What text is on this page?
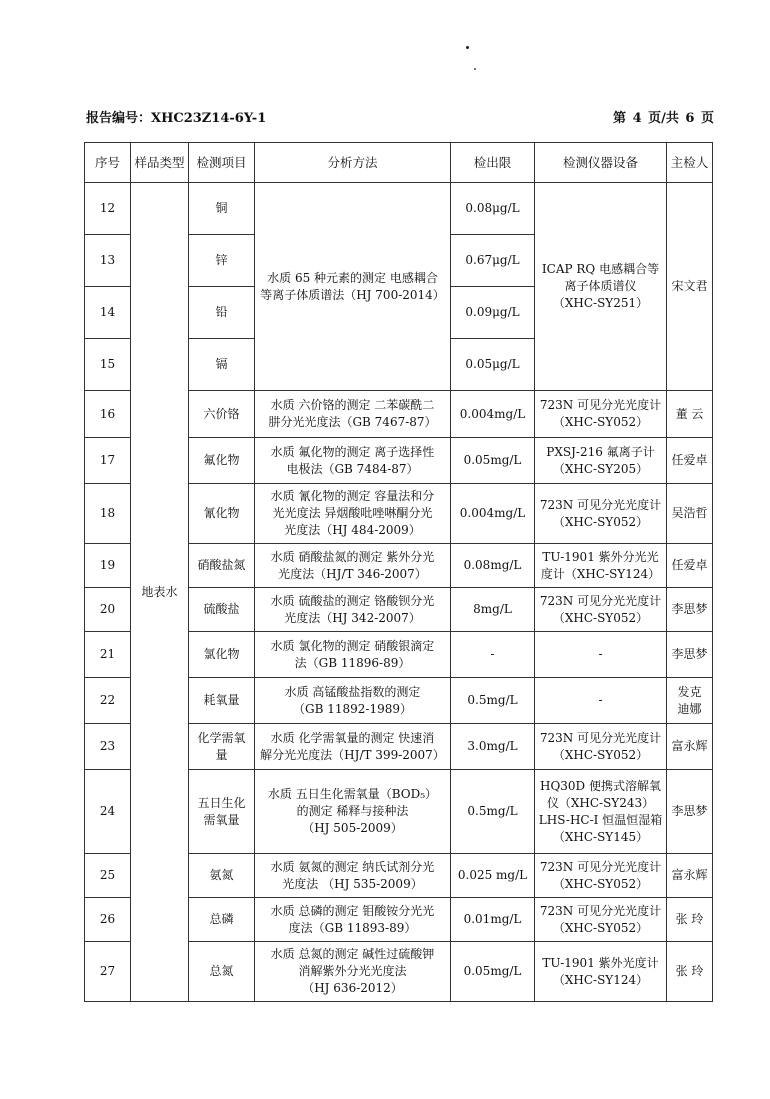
报告编号：XHC23Z14-6Y-1	第 4 页/共 6 页
序号	样品类型	检测项目	分析方法	检出限	检测仪器设备	主检人
12	地表水	铜	水质 65 种元素的测定 电感耦合
等离子体质谱法（HJ 700-2014）	0.08μg/L	ICAP RQ 电感耦合等
离子体质谱仪
（XHC-SY251）	宋文君
13		锌		0.67μg/L		
14		铅		0.09μg/L		
15		镉		0.05μg/L		
16		六价铬	水质 六价铬的测定 二苯碳酰二
肼分光光度法（GB 7467-87）	0.004mg/L	723N 可见分光光度计
（XHC-SY052）	董 云
17		氟化物	水质 氟化物的测定 离子选择性
电极法（GB 7484-87）	0.05mg/L	PXSJ-216 氟离子计
（XHC-SY205）	任爱卓
18		氰化物	水质 氰化物的测定 容量法和分
光光度法 异烟酸吡唑啉酮分光
光度法（HJ 484-2009）	0.004mg/L	723N 可见分光光度计
（XHC-SY052）	吴浩哲
19		硝酸盐氮	水质 硝酸盐氮的测定 紫外分光
光度法（HJ/T 346-2007）	0.08mg/L	TU-1901 紫外分光光
度计（XHC-SY124）	任爱卓
20		硫酸盐	水质 硫酸盐的测定 铬酸钡分光
光度法（HJ 342-2007）	8mg/L	723N 可见分光光度计
（XHC-SY052）	李思梦
21		氯化物	水质 氯化物的测定 硝酸银滴定
法（GB 11896-89）	-	-	李思梦
22		耗氧量	水质 高锰酸盐指数的测定
（GB 11892-1989）	0.5mg/L	-	发克
迪娜
23		化学需氧
量	水质 化学需氧量的测定 快速消
解分光光度法（HJ/T 399-2007）	3.0mg/L	723N 可见分光光度计
（XHC-SY052）	富永辉
24		五日生化
需氧量	水质 五日生化需氧量（BOD₅）
的测定 稀释与接种法
（HJ 505-2009）	0.5mg/L	HQ30D 便携式溶解氧
仪（XHC-SY243）
LHS-HC-I 恒温恒湿箱
（XHC-SY145）	李思梦
25		氨氮	水质 氨氮的测定 纳氏试剂分光
光度法 （HJ 535-2009）	0.025 mg/L	723N 可见分光光度计
（XHC-SY052）	富永辉
26		总磷	水质 总磷的测定 钼酸铵分光光
度法（GB 11893-89）	0.01mg/L	723N 可见分光光度计
（XHC-SY052）	张 玲
27		总氮	水质 总氮的测定 碱性过硫酸钾
消解紫外分光光度法
（HJ 636-2012）	0.05mg/L	TU-1901 紫外光度计
（XHC-SY124）	张 玲
